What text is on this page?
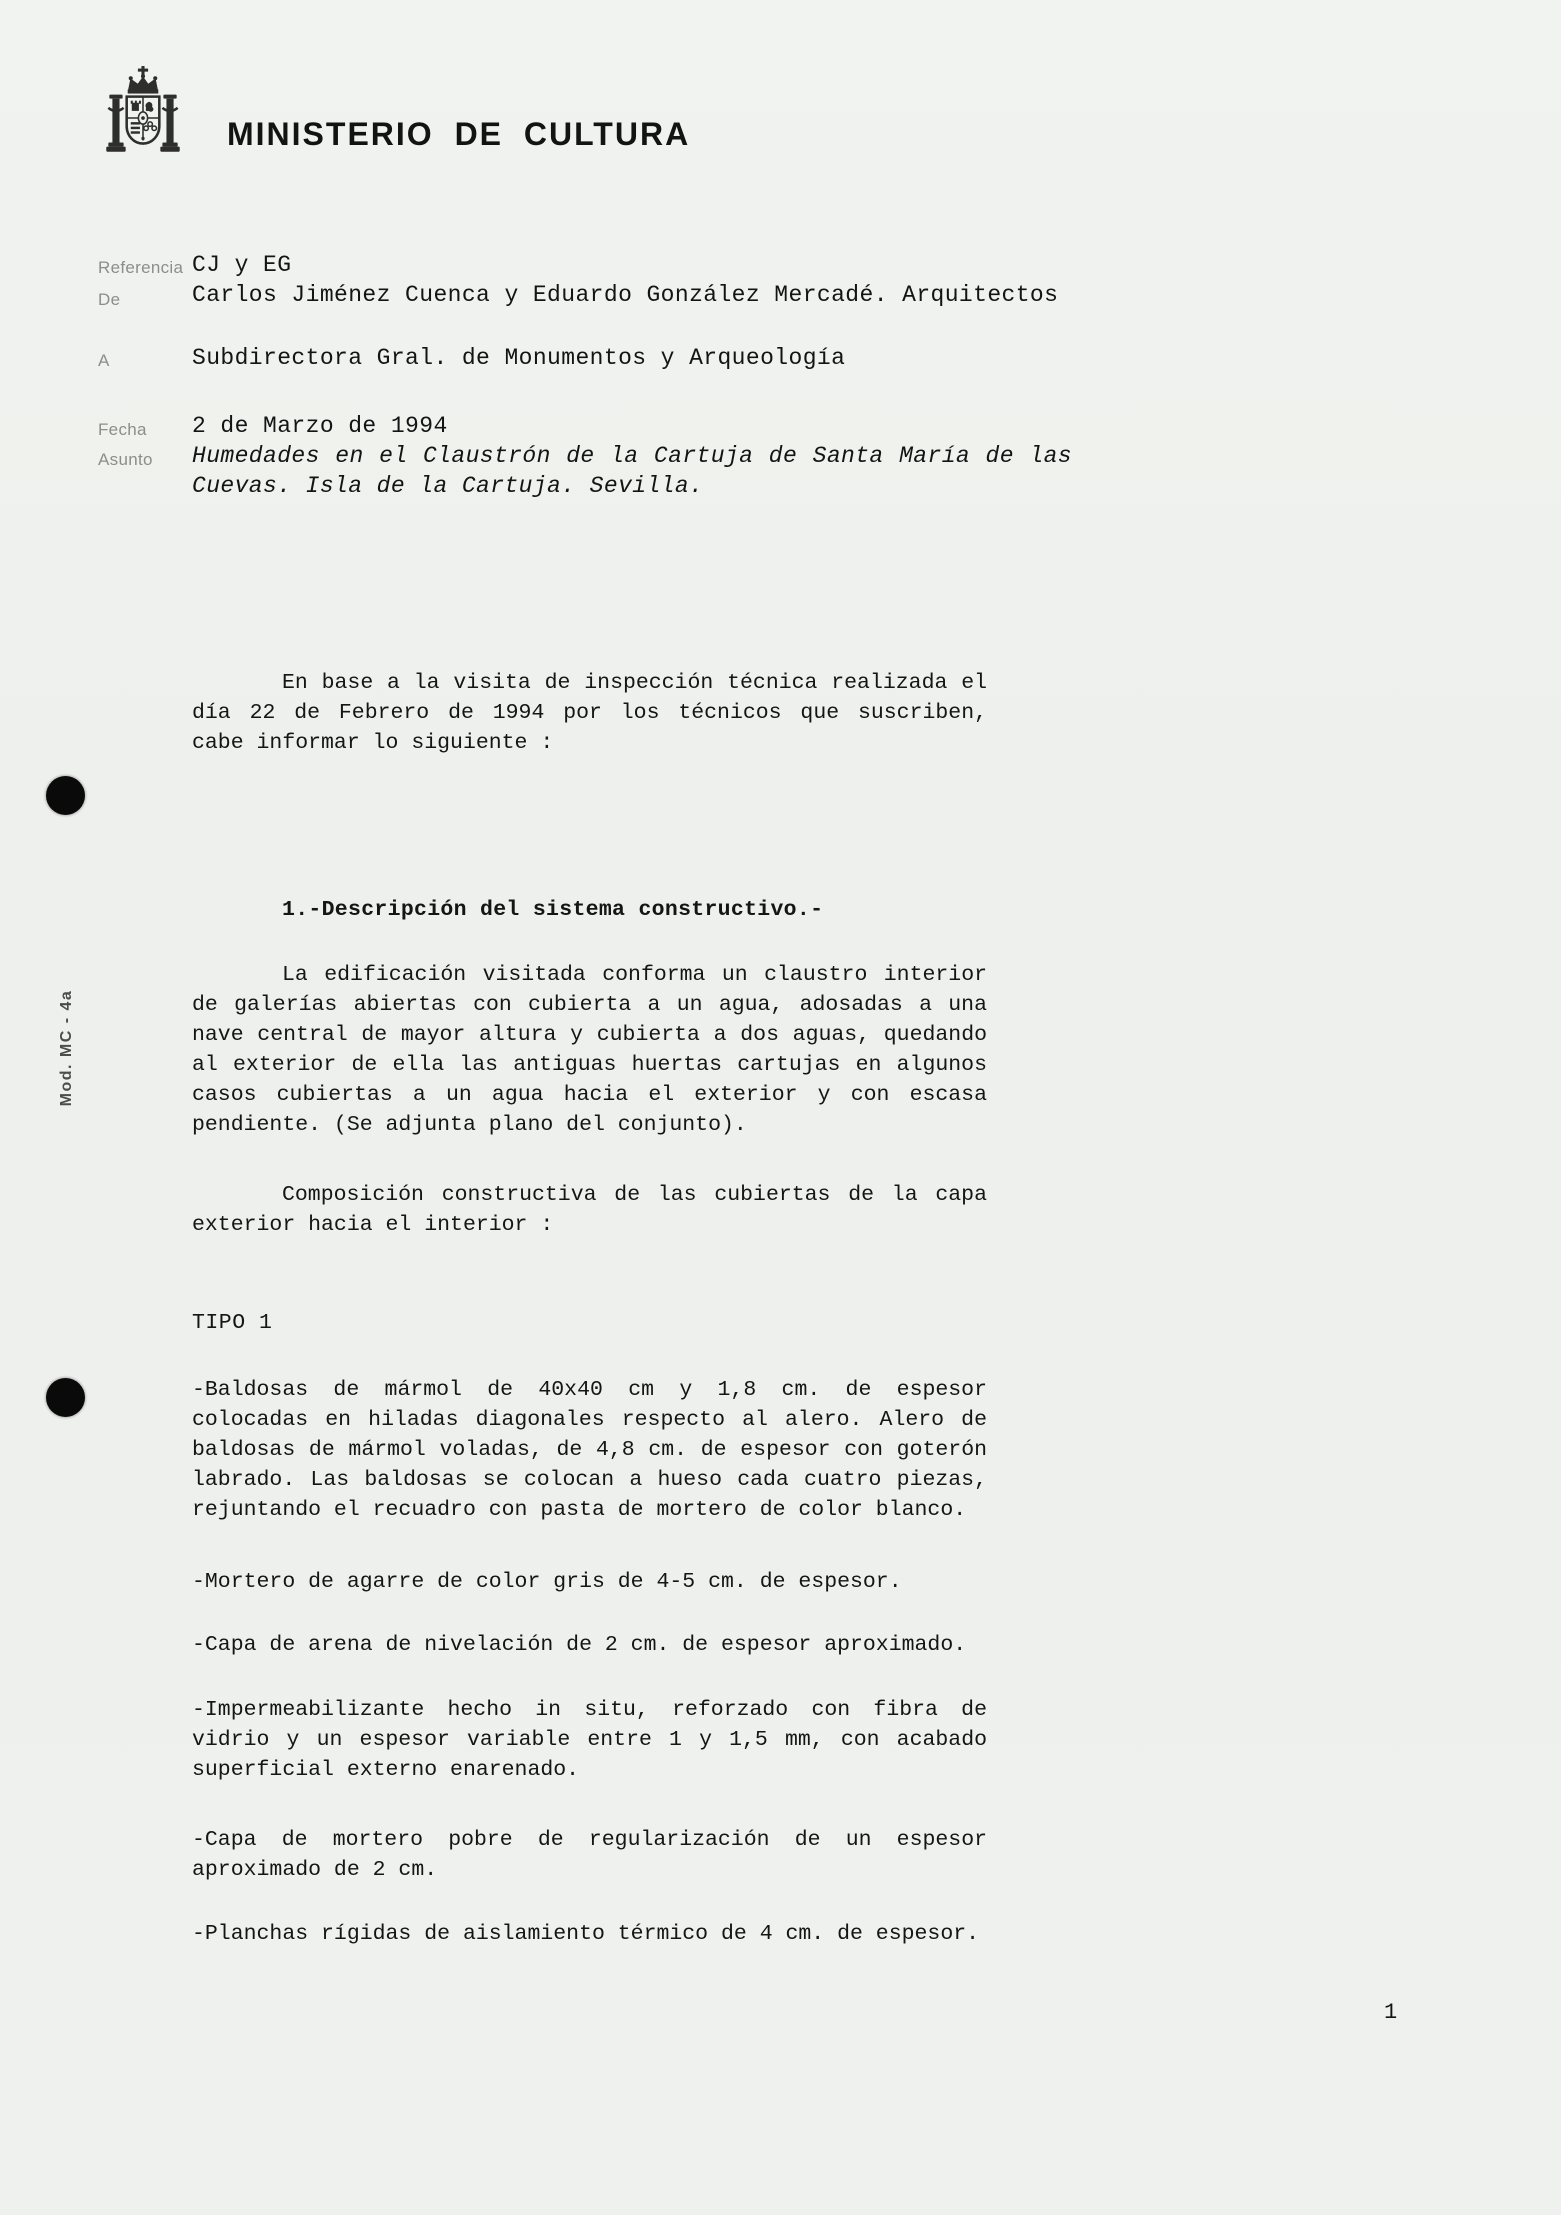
Mod. MC - 4a
MINISTERIO DE CULTURA
Referencia CJ y EG
De	Carlos Jiménez Cuenca y Eduardo González Mercadé. Arquitectos
A	Subdirectora Gral. de Monumentos y Arqueología
Fecha 2 de Marzo de 1994
Asunto Humedades en el Claustrón de la Cartuja de Santa María de las Cuevas. Isla de la Cartuja. Sevilla.

En base a la visita de inspección técnica realizada el día 22 de Febrero de 1994 por los técnicos que suscriben, cabe informar lo siguiente :

1.-Descripción del sistema constructivo.-

La edificación visitada conforma un claustro interior de galerías abiertas con cubierta a un agua, adosadas a una nave central de mayor altura y cubierta a dos aguas, quedando al exterior de ella las antiguas huertas cartujas en algunos casos cubiertas a un agua hacia el exterior y con escasa pendiente. (Se adjunta plano del conjunto).

Composición constructiva de las cubiertas de la capa exterior hacia el interior :

TIPO 1

-Baldosas de mármol de 40x40 cm y 1,8 cm. de espesor colocadas en hiladas diagonales respecto al alero. Alero de baldosas de mármol voladas, de 4,8 cm. de espesor con goterón labrado. Las baldosas se colocan a hueso cada cuatro piezas, rejuntando el recuadro con pasta de mortero de color blanco.

-Mortero de agarre de color gris de 4-5 cm. de espesor.

-Capa de arena de nivelación de 2 cm. de espesor aproximado.

-Impermeabilizante hecho in situ, reforzado con fibra de vidrio y un espesor variable entre 1 y 1,5 mm, con acabado superficial externo enarenado.

-Capa de mortero pobre de regularización de un espesor aproximado de 2 cm.

-Planchas rígidas de aislamiento térmico de 4 cm. de espesor.

1
